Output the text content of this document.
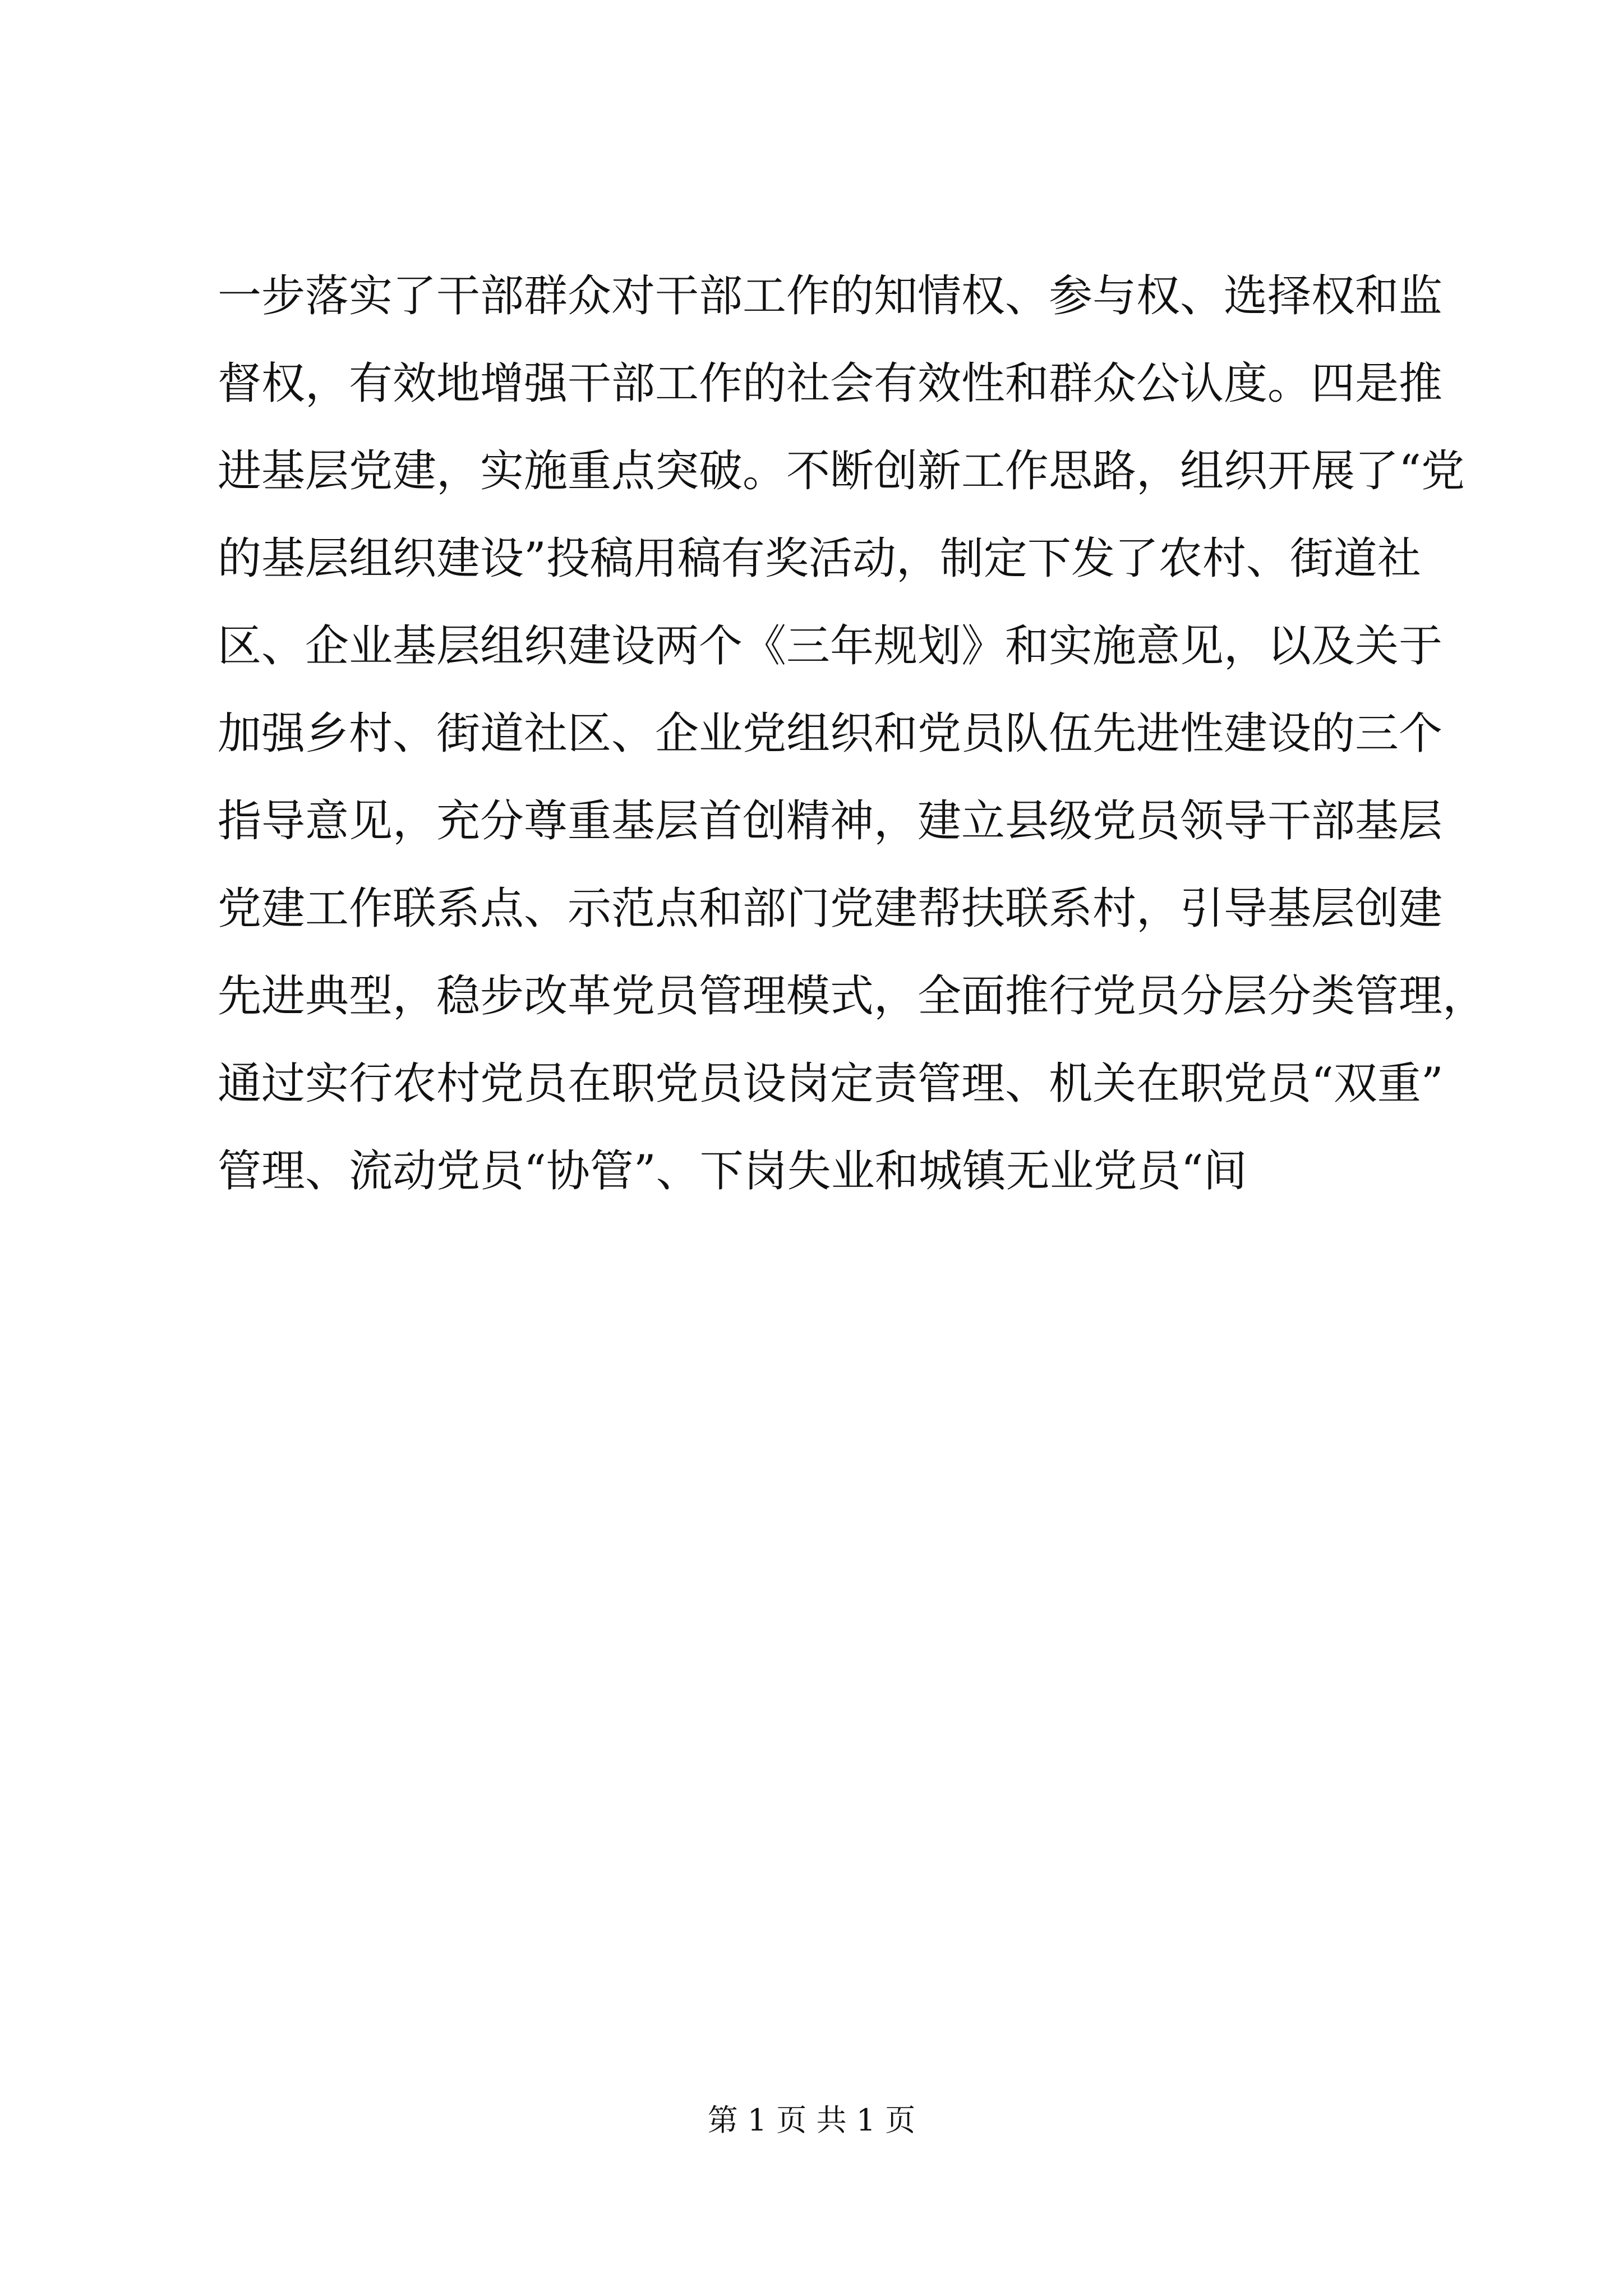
一步落实了干部群众对干部工作的知情权、参与权、选择权和监
督权，有效地增强干部工作的社会有效性和群众公认度。四是推
进基层党建，实施重点突破。不断创新工作思路，组织开展了“党
的基层组织建设”投稿用稿有奖活动，制定下发了农村、街道社
区、企业基层组织建设两个《三年规划》和实施意见，以及关于
加强乡村、街道社区、企业党组织和党员队伍先进性建设的三个
指导意见，充分尊重基层首创精神，建立县级党员领导干部基层
党建工作联系点、示范点和部门党建帮扶联系村，引导基层创建
先进典型，稳步改革党员管理模式，全面推行党员分层分类管理，
通过实行农村党员在职党员设岗定责管理、机关在职党员“双重”
管理、流动党员“协管”、下岗失业和城镇无业党员“间
第 1 页 共 1 页
